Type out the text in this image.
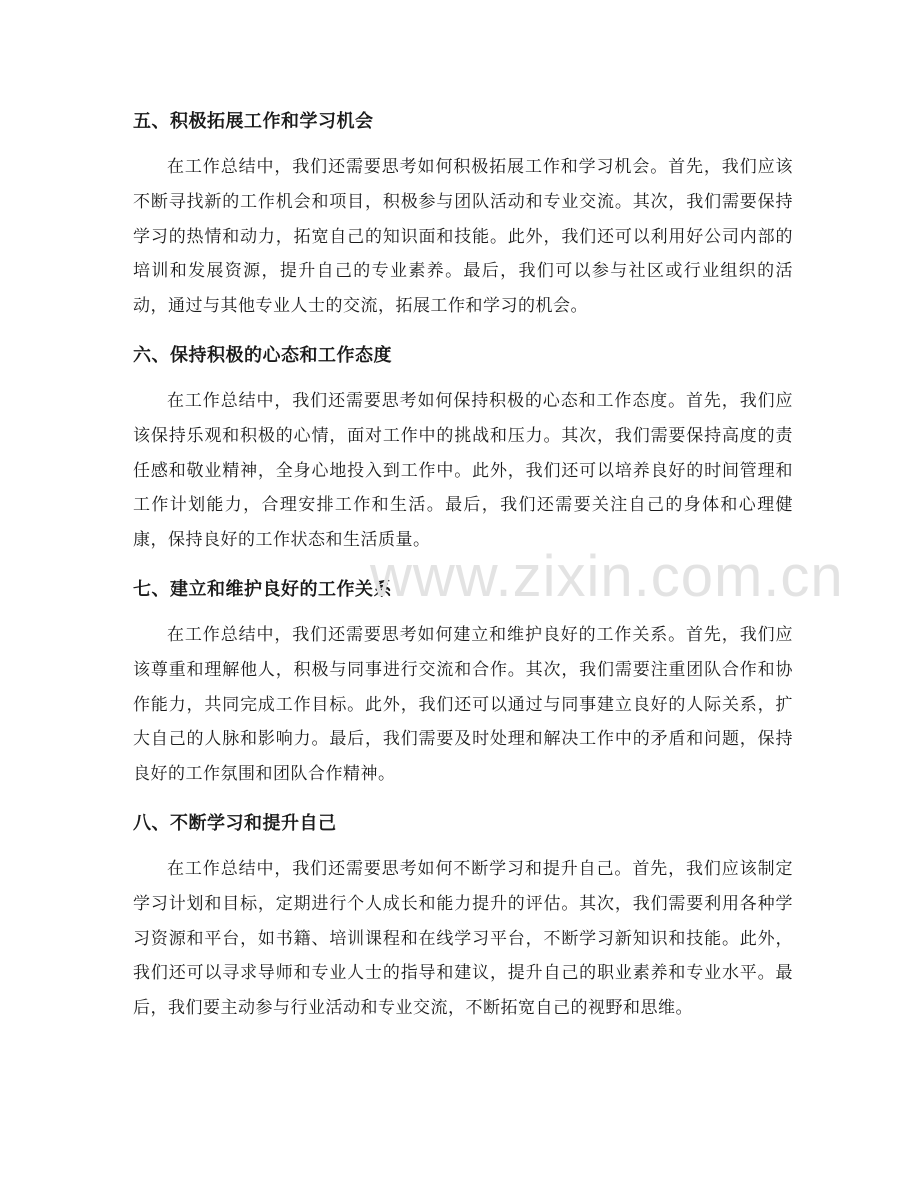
五、积极拓展工作和学习机会

在工作总结中，我们还需要思考如何积极拓展工作和学习机会。首先，我们应该不断寻找新的工作机会和项目，积极参与团队活动和专业交流。其次，我们需要保持学习的热情和动力，拓宽自己的知识面和技能。此外，我们还可以利用好公司内部的培训和发展资源，提升自己的专业素养。最后，我们可以参与社区或行业组织的活动，通过与其他专业人士的交流，拓展工作和学习的机会。

六、保持积极的心态和工作态度

在工作总结中，我们还需要思考如何保持积极的心态和工作态度。首先，我们应该保持乐观和积极的心情，面对工作中的挑战和压力。其次，我们需要保持高度的责任感和敬业精神，全身心地投入到工作中。此外，我们还可以培养良好的时间管理和工作计划能力，合理安排工作和生活。最后，我们还需要关注自己的身体和心理健康，保持良好的工作状态和生活质量。

七、建立和维护良好的工作关系

在工作总结中，我们还需要思考如何建立和维护良好的工作关系。首先，我们应该尊重和理解他人，积极与同事进行交流和合作。其次，我们需要注重团队合作和协作能力，共同完成工作目标。此外，我们还可以通过与同事建立良好的人际关系，扩大自己的人脉和影响力。最后，我们需要及时处理和解决工作中的矛盾和问题，保持良好的工作氛围和团队合作精神。

八、不断学习和提升自己

在工作总结中，我们还需要思考如何不断学习和提升自己。首先，我们应该制定学习计划和目标，定期进行个人成长和能力提升的评估。其次，我们需要利用各种学习资源和平台，如书籍、培训课程和在线学习平台，不断学习新知识和技能。此外，我们还可以寻求导师和专业人士的指导和建议，提升自己的职业素养和专业水平。最后，我们要主动参与行业活动和专业交流，不断拓宽自己的视野和思维。

www.zixin.com.cn
